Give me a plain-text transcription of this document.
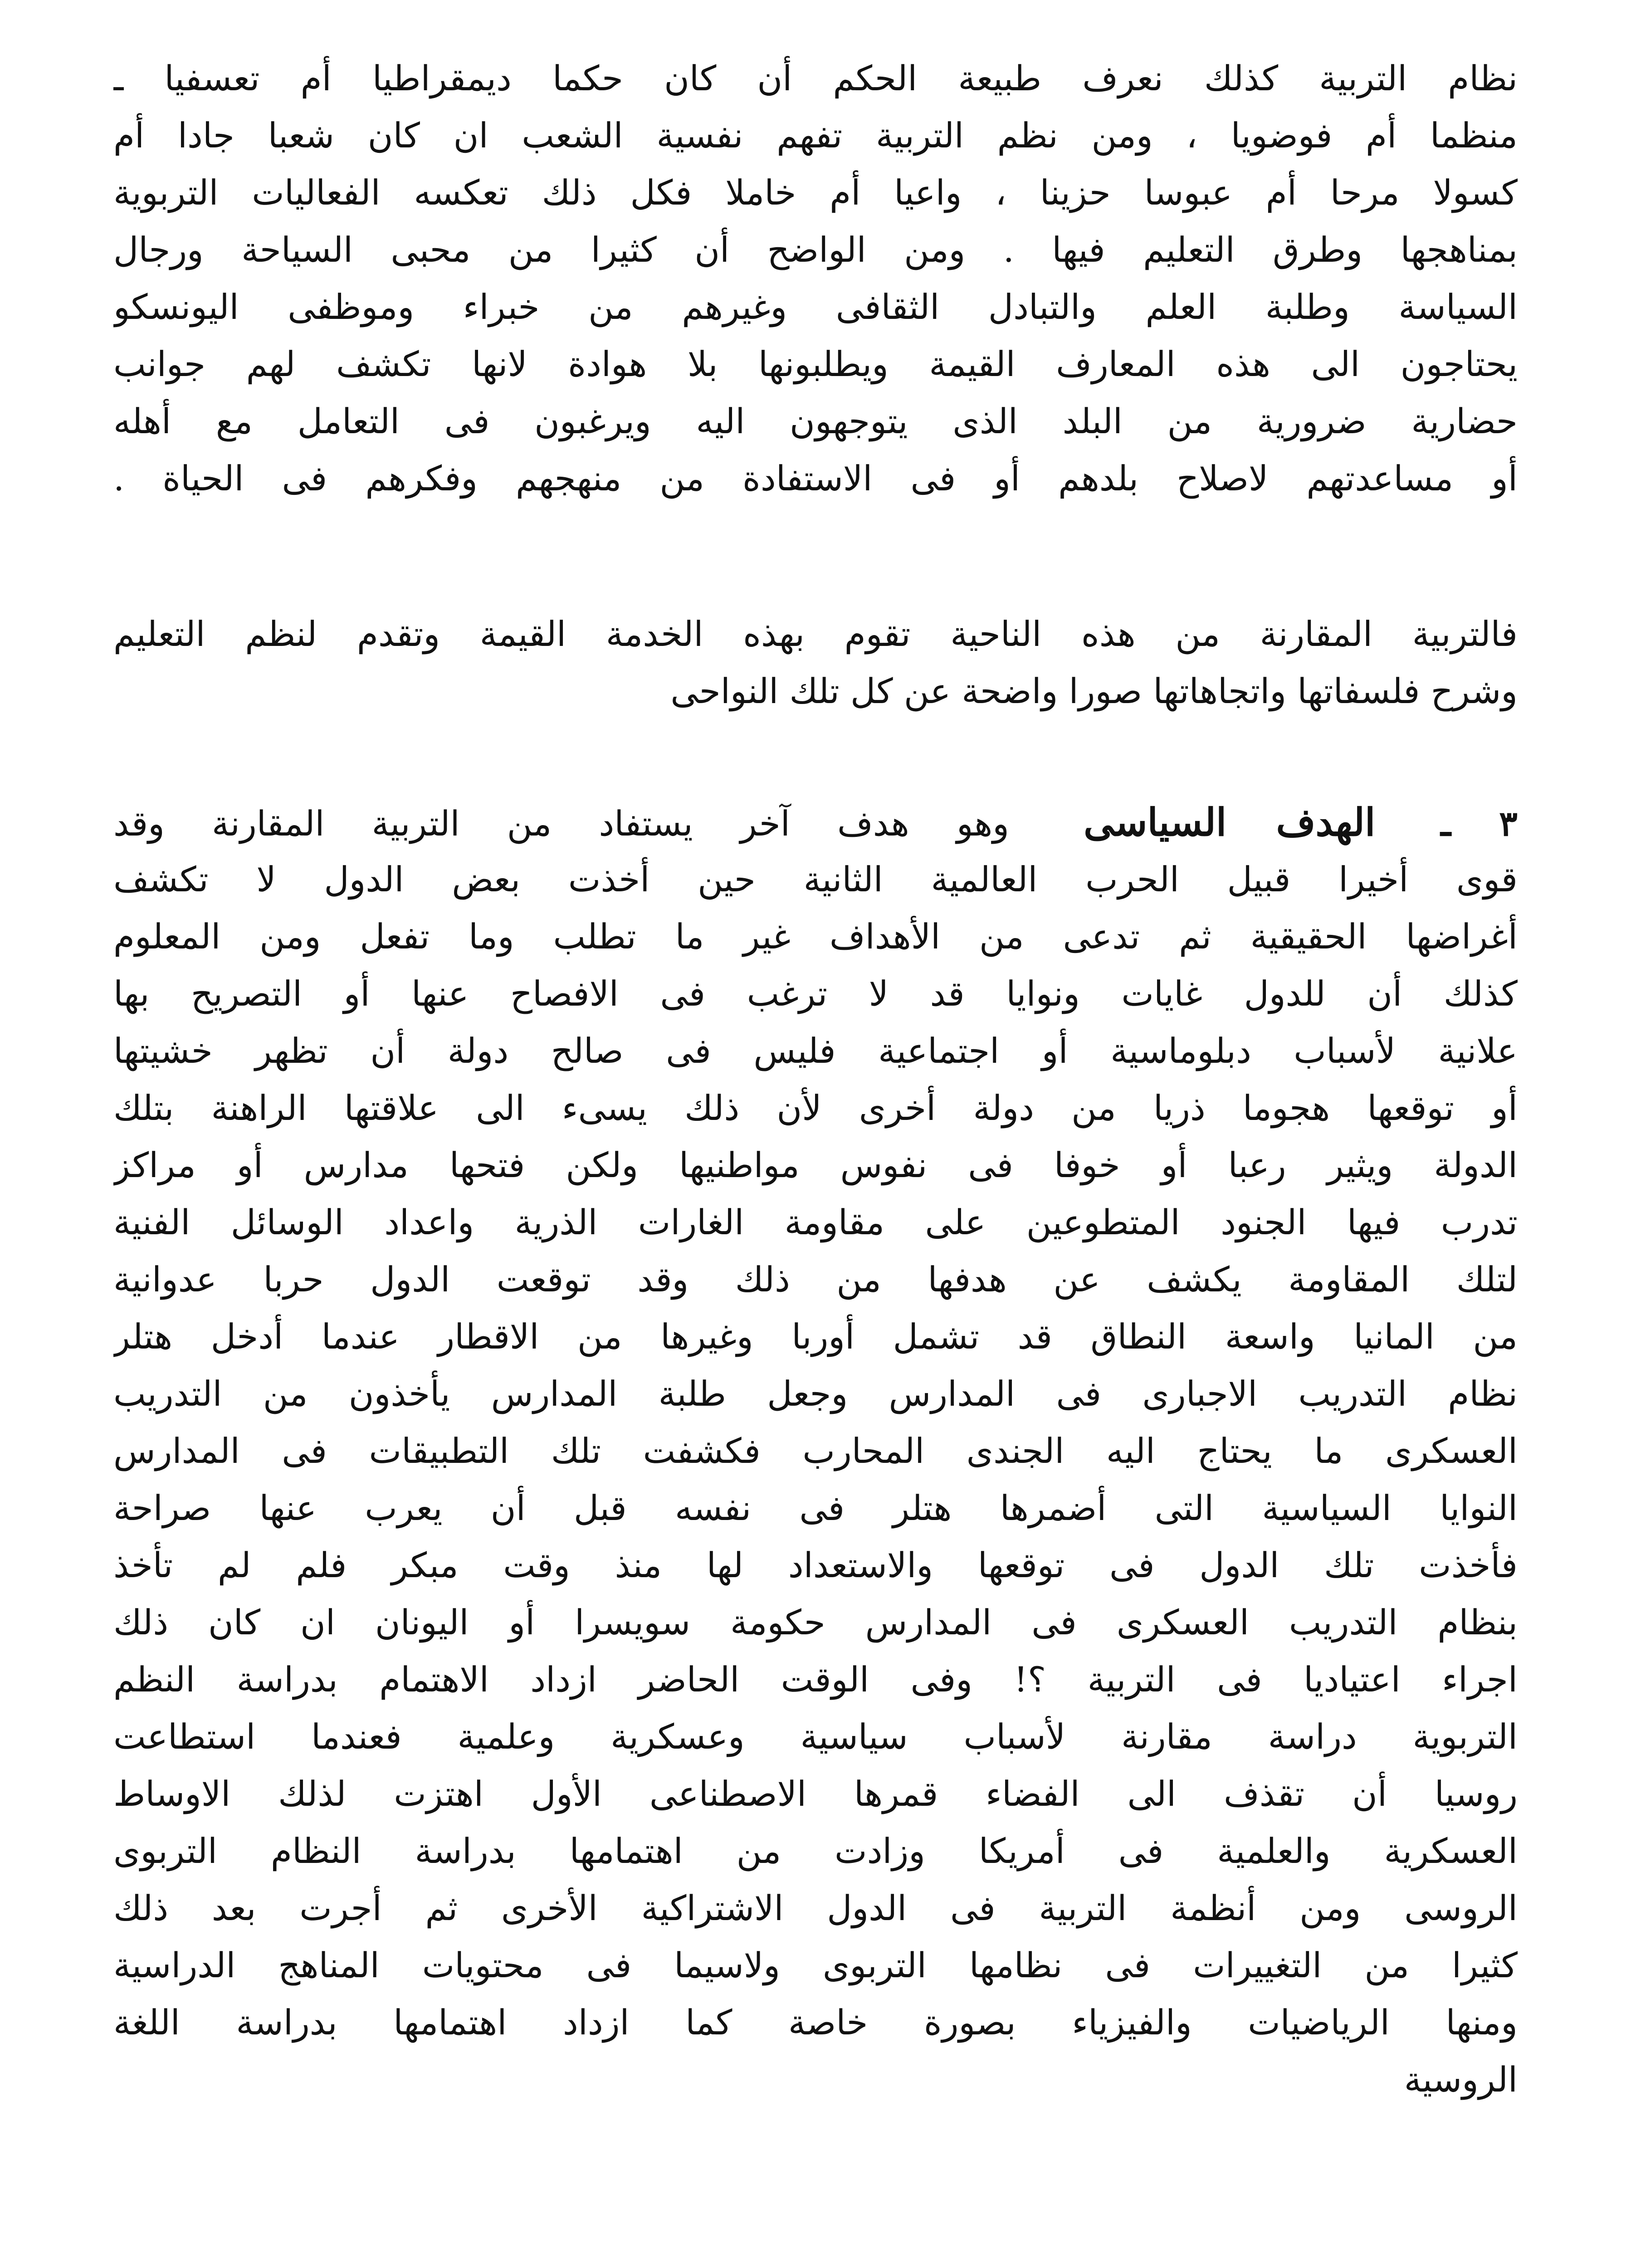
نظام التربية كذلك نعرف طبيعة الحكم أن كان حكما ديمقراطيا أم تعسفيا ـ
منظما أم فوضويا ، ومن نظم التربية تفهم نفسية الشعب ان كان شعبا جادا أم
كسولا مرحا أم عبوسا حزينا ، واعيا أم خاملا فكل ذلك تعكسه الفعاليات التربوية
بمناهجها وطرق التعليم فيها . ومن الواضح أن كثيرا من محبى السياحة ورجال
السياسة وطلبة العلم والتبادل الثقافى وغيرهم من خبراء وموظفى اليونسكو
يحتاجون الى هذه المعارف القيمة ويطلبونها بلا هوادة لانها تكشف لهم جوانب
حضارية ضرورية من البلد الذى يتوجهون اليه ويرغبون فى التعامل مع أهله
أو مساعدتهم لاصلاح بلدهم أو فى الاستفادة من منهجهم وفكرهم فى الحياة .
فالتربية المقارنة من هذه الناحية تقوم بهذه الخدمة القيمة وتقدم لنظم التعليم
وشرح فلسفاتها واتجاهاتها صورا واضحة عن كل تلك النواحى
٣ ـ الهدف السياسى وهو هدف آخر يستفاد من التربية المقارنة وقد
قوى أخيرا قبيل الحرب العالمية الثانية حين أخذت بعض الدول لا تكشف
أغراضها الحقيقية ثم تدعى من الأهداف غير ما تطلب وما تفعل ومن المعلوم
كذلك أن للدول غايات ونوايا قد لا ترغب فى الافصاح عنها أو التصريح بها
علانية لأسباب دبلوماسية أو اجتماعية فليس فى صالح دولة أن تظهر خشيتها
أو توقعها هجوما ذريا من دولة أخرى لأن ذلك يسىء الى علاقتها الراهنة بتلك
الدولة ويثير رعبا أو خوفا فى نفوس مواطنيها ولكن فتحها مدارس أو مراكز
تدرب فيها الجنود المتطوعين على مقاومة الغارات الذرية واعداد الوسائل الفنية
لتلك المقاومة يكشف عن هدفها من ذلك وقد توقعت الدول حربا عدوانية
من المانيا واسعة النطاق قد تشمل أوربا وغيرها من الاقطار عندما أدخل هتلر
نظام التدريب الاجبارى فى المدارس وجعل طلبة المدارس يأخذون من التدريب
العسكرى ما يحتاج اليه الجندى المحارب فكشفت تلك التطبيقات فى المدارس
النوايا السياسية التى أضمرها هتلر فى نفسه قبل أن يعرب عنها صراحة
فأخذت تلك الدول فى توقعها والاستعداد لها منذ وقت مبكر فلم لم تأخذ
بنظام التدريب العسكرى فى المدارس حكومة سويسرا أو اليونان ان كان ذلك
اجراء اعتياديا فى التربية ؟! وفى الوقت الحاضر ازداد الاهتمام بدراسة النظم
التربوية دراسة مقارنة لأسباب سياسية وعسكرية وعلمية فعندما استطاعت
روسيا أن تقذف الى الفضاء قمرها الاصطناعى الأول اهتزت لذلك الاوساط
العسكرية والعلمية فى أمريكا وزادت من اهتمامها بدراسة النظام التربوى
الروسى ومن أنظمة التربية فى الدول الاشتراكية الأخرى ثم أجرت بعد ذلك
كثيرا من التغييرات فى نظامها التربوى ولاسيما فى محتويات المناهج الدراسية
ومنها الرياضيات والفيزياء بصورة خاصة كما ازداد اهتمامها بدراسة اللغة
الروسية
